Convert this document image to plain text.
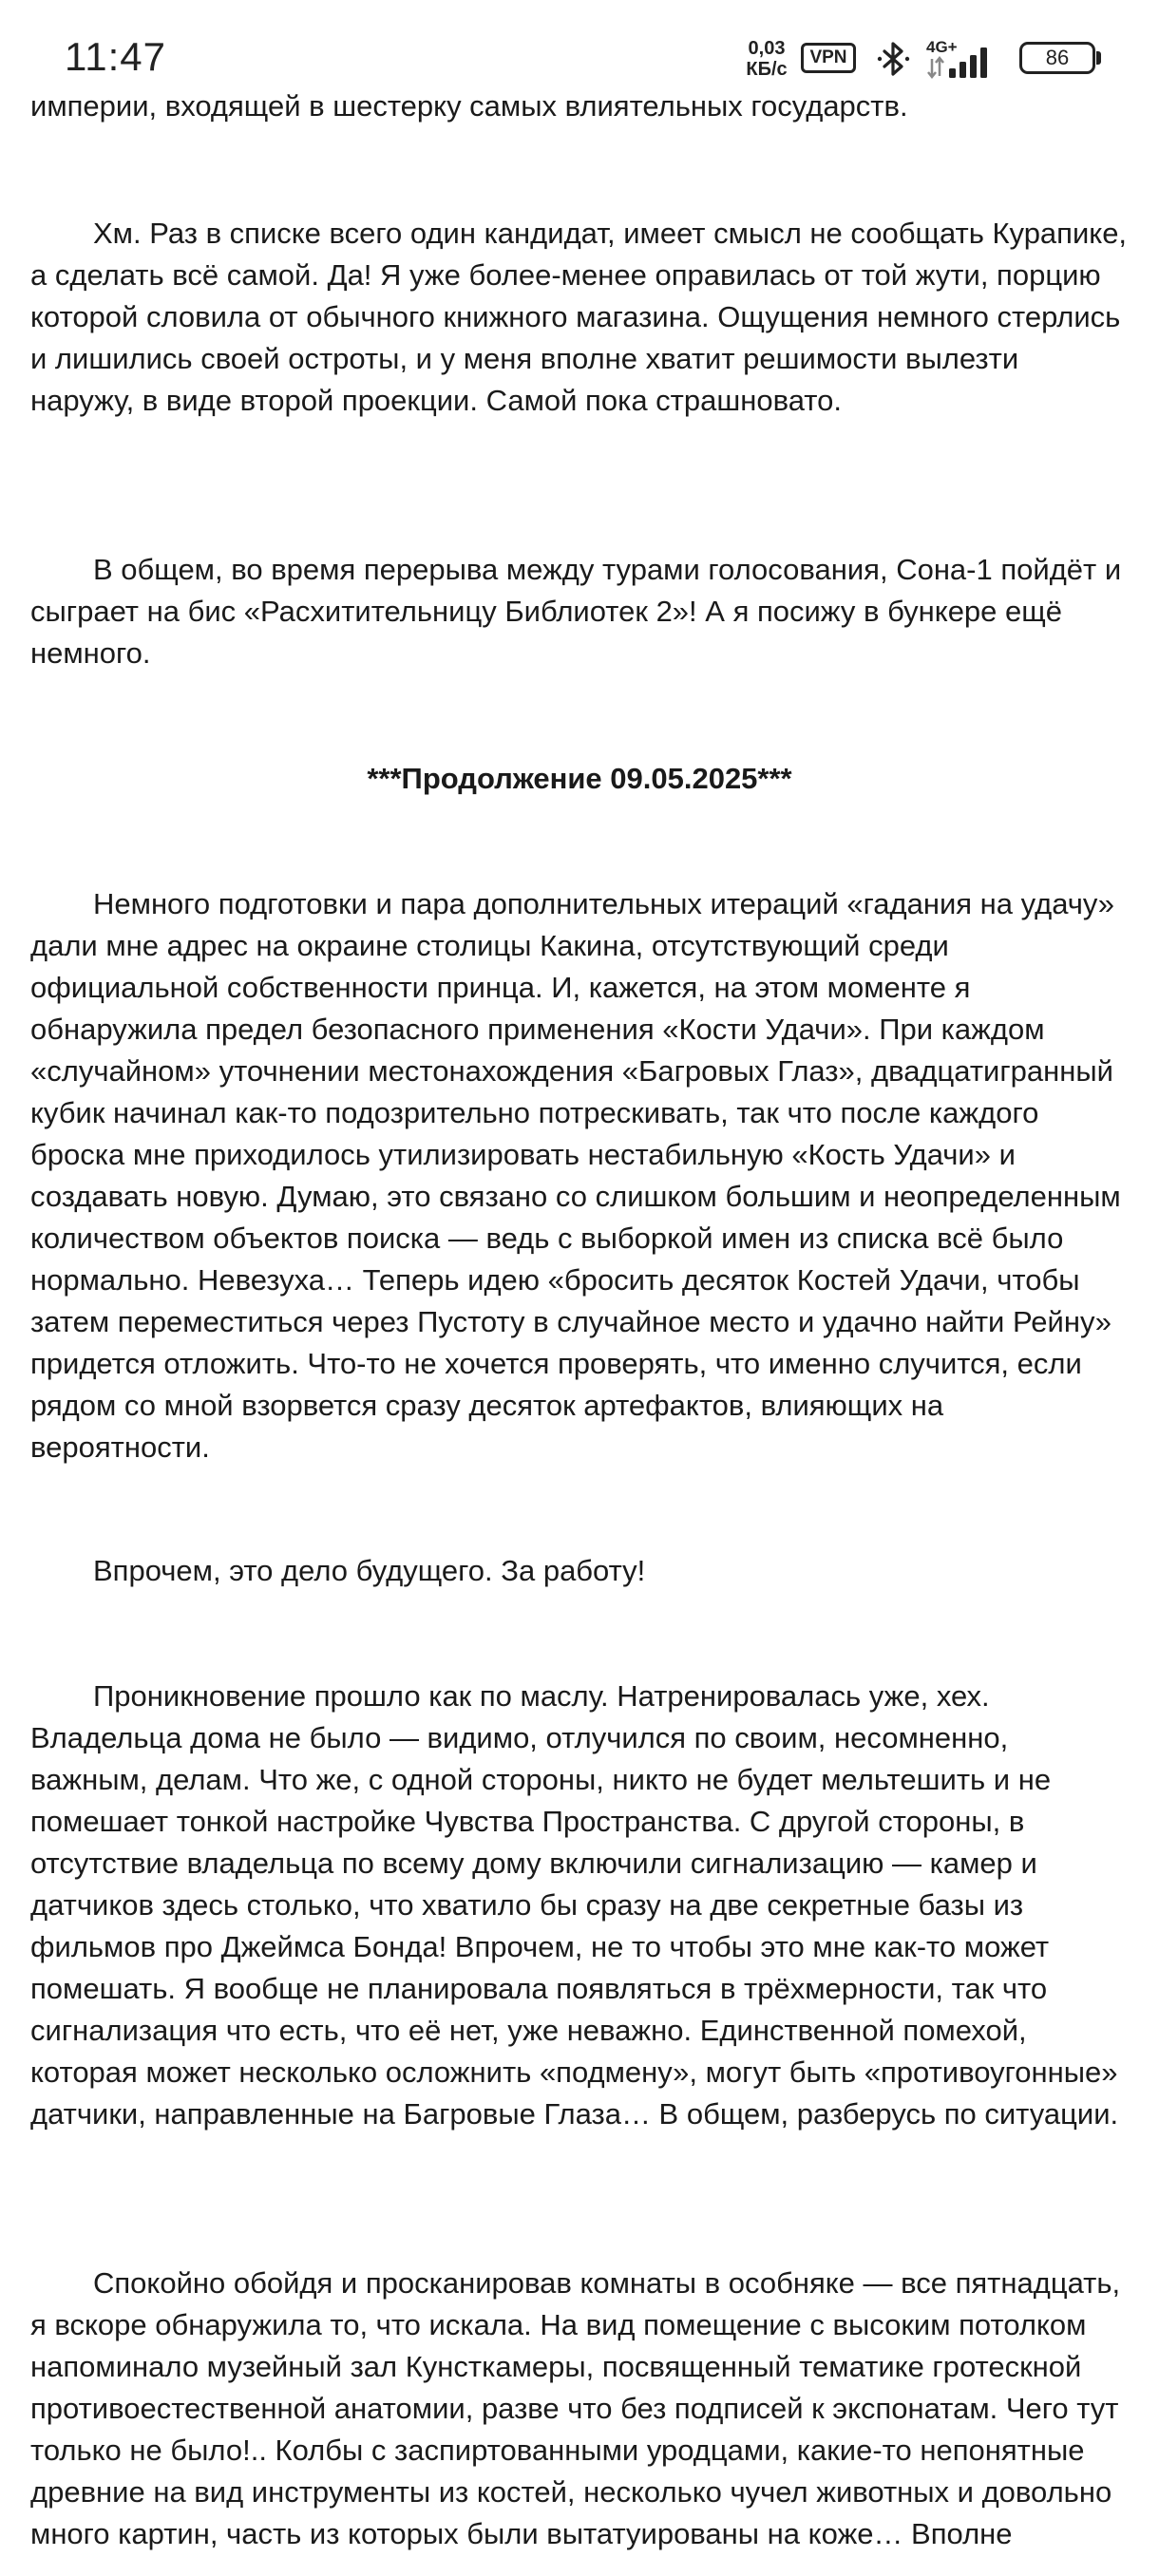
империи, входящей в шестерку самых влиятельных государств.

Хм. Раз в списке всего один кандидат, имеет смысл не сообщать Курапике, а сделать всё самой. Да! Я уже более-менее оправилась от той жути, порцию которой словила от обычного книжного магазина. Ощущения немного стерлись и лишились своей остроты, и у меня вполне хватит решимости вылезти наружу, в виде второй проекции. Самой пока страшновато.

В общем, во время перерыва между турами голосования, Сона-1 пойдёт и сыграет на бис «Расхитительницу Библиотек 2»! А я посижу в бункере ещё немного.

***Продолжение 09.05.2025***

Немного подготовки и пара дополнительных итераций «гадания на удачу» дали мне адрес на окраине столицы Какина, отсутствующий среди официальной собственности принца. И, кажется, на этом моменте я обнаружила предел безопасного применения «Кости Удачи». При каждом «случайном» уточнении местонахождения «Багровых Глаз», двадцатигранный кубик начинал как-то подозрительно потрескивать, так что после каждого броска мне приходилось утилизировать нестабильную «Кость Удачи» и создавать новую. Думаю, это связано со слишком большим и неопределенным количеством объектов поиска — ведь с выборкой имен из списка всё было нормально. Невезуха… Теперь идею «бросить десяток Костей Удачи, чтобы затем переместиться через Пустоту в случайное место и удачно найти Рейну» придется отложить. Что-то не хочется проверять, что именно случится, если рядом со мной взорвется сразу десяток артефактов, влияющих на вероятности.

Впрочем, это дело будущего. За работу!

Проникновение прошло как по маслу. Натренировалась уже, хех. Владельца дома не было — видимо, отлучился по своим, несомненно, важным, делам. Что же, с одной стороны, никто не будет мельтешить и не помешает тонкой настройке Чувства Пространства. С другой стороны, в отсутствие владельца по всему дому включили сигнализацию — камер и датчиков здесь столько, что хватило бы сразу на две секретные базы из фильмов про Джеймса Бонда! Впрочем, не то чтобы это мне как-то может помешать. Я вообще не планировала появляться в трёхмерности, так что сигнализация что есть, что её нет, уже неважно. Единственной помехой, которая может несколько осложнить «подмену», могут быть «противоугонные» датчики, направленные на Багровые Глаза… В общем, разберусь по ситуации.

Спокойно обойдя и просканировав комнаты в особняке — все пятнадцать, я вскоре обнаружила то, что искала. На вид помещение с высоким потолком напоминало музейный зал Кунсткамеры, посвященный тематике гротескной противоестественной анатомии, разве что без подписей к экспонатам. Чего тут только не было!.. Колбы с заспиртованными уродцами, какие-то непонятные древние на вид инструменты из костей, несколько чучел животных и довольно много картин, часть из которых были вытатуированы на коже… Вполне

11:47	0,03
КБ/с
VPN
4G+	86
